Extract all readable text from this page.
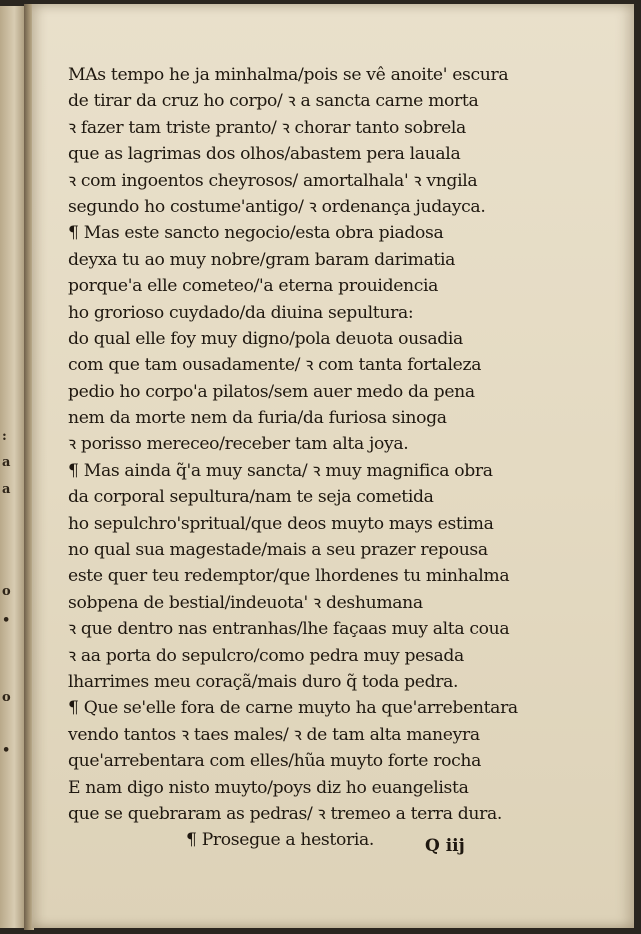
:
a
a
o
•
o
•
MAs tempo he ja minhalma/pois se vê anoite' escura
de tirar da cruz ho corpo/ ꝛ a sancta carne morta
ꝛ fazer tam triste pranto/ ꝛ chorar tanto sobrela
que as lagrimas dos olhos/abastem pera lauala
ꝛ com ingoentos cheyrosos/ amortalhala' ꝛ vngila
segundo ho costume'antigo/ ꝛ ordenança judayca.
¶ Mas este sancto negocio/esta obra piadosa
deyxa tu ao muy nobre/gram baram darimatia
porque'a elle cometeo/'a eterna prouidencia
ho grorioso cuydado/da diuina sepultura:
do qual elle foy muy digno/pola deuota ousadia
com que tam ousadamente/ ꝛ com tanta fortaleza
pedio ho corpo'a pilatos/sem auer medo da pena
nem da morte nem da furia/da furiosa sinoga
ꝛ porisso mereceo/receber tam alta joya.
¶ Mas ainda q̃'a muy sancta/ ꝛ muy magnifica obra
da corporal sepultura/nam te seja cometida
ho sepulchro'spritual/que deos muyto mays estima
no qual sua magestade/mais a seu prazer repousa
este quer teu redemptor/que lhordenes tu minhalma
sobpena de bestial/indeuota' ꝛ deshumana
ꝛ que dentro nas entranhas/lhe façaas muy alta coua
ꝛ aa porta do sepulcro/como pedra muy pesada
lharrimes meu coraçã/mais duro q̃ toda pedra.
¶ Que se'elle fora de carne muyto ha que'arrebentara
vendo tantos ꝛ taes males/ ꝛ de tam alta maneyra
que'arrebentara com elles/hũa muyto forte rocha
E nam digo nisto muyto/poys diz ho euangelista
que se quebraram as pedras/ ꝛ tremeo a terra dura.
¶ Prosegue a hestoria.	Q iij
